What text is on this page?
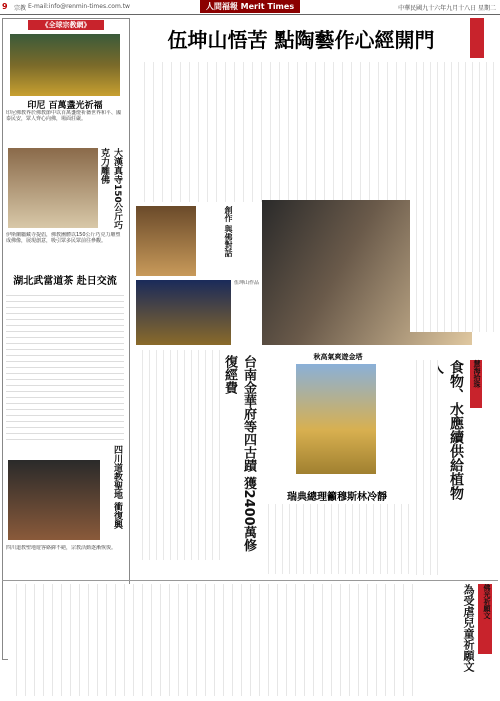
9 宗教 E-mail:info@renmin-times.com.tw	人間福報 Merit Times	中華民國九十六年九月十八日 星期二
《全球宗教網》
印尼 百萬盞光祈福
印尼佛教界於佛教節中以百萬盞燈祈禱世界和平、國泰民安，眾人齊心向佛，場面莊嚴。
大漢真寺150公斤巧克力雕佛
伊斯蘭屬藏寺提倡，佛教團體以150公斤巧克力雕塑成佛像，展現創意，吸引眾多民眾前往參觀。
湖北武當道茶 赴日交流
四川道教聖地 衝復興
四川道教聖地遊客絡繹不絕，宗教活動逐漸恢復。
伍坤山悟苦 點陶藝作心經開門
創作 與佛對話
伍坤山作品
台南金華府等四古蹟 獲2400萬修復經費	秋高氣爽遊金塔
瑞典總理籲穆斯林冷靜
慧海拾珠
食物、水應續供給植物
佛光祈願文
為受虐兒童祈願文
